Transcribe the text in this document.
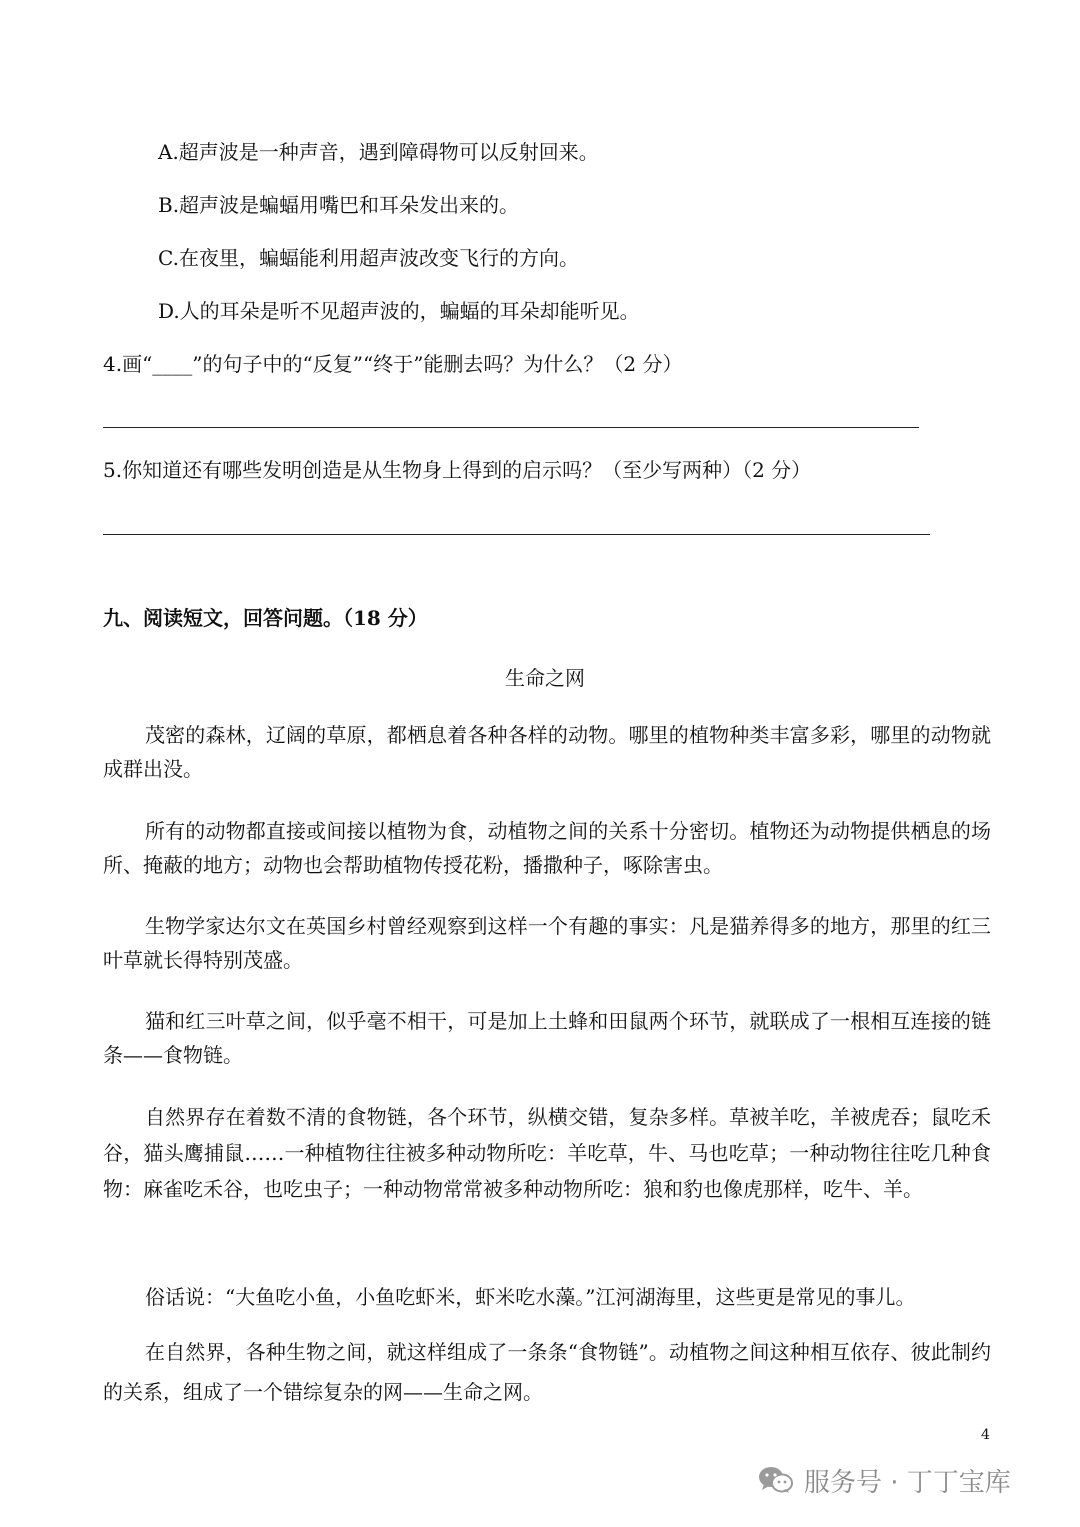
A.超声波是一种声音，遇到障碍物可以反射回来。
B.超声波是蝙蝠用嘴巴和耳朵发出来的。
C.在夜里，蝙蝠能利用超声波改变飞行的方向。
D.人的耳朵是听不见超声波的，蝙蝠的耳朵却能听见。
4.画“____”的句子中的“反复”“终于”能删去吗？为什么？（2 分）
5.你知道还有哪些发明创造是从生物身上得到的启示吗？（至少写两种）（2 分）
九、阅读短文，回答问题。（18 分）
生命之网
茂密的森林，辽阔的草原，都栖息着各种各样的动物。哪里的植物种类丰富多彩，哪里的动物就成群出没。
所有的动物都直接或间接以植物为食，动植物之间的关系十分密切。植物还为动物提供栖息的场所、掩蔽的地方；动物也会帮助植物传授花粉，播撒种子，啄除害虫。
生物学家达尔文在英国乡村曾经观察到这样一个有趣的事实：凡是猫养得多的地方，那里的红三叶草就长得特别茂盛。
猫和红三叶草之间，似乎毫不相干，可是加上土蜂和田鼠两个环节，就联成了一根相互连接的链条——食物链。
自然界存在着数不清的食物链，各个环节，纵横交错，复杂多样。草被羊吃，羊被虎吞；鼠吃禾谷，猫头鹰捕鼠……一种植物往往被多种动物所吃：羊吃草，牛、马也吃草；一种动物往往吃几种食物：麻雀吃禾谷，也吃虫子；一种动物常常被多种动物所吃：狼和豹也像虎那样，吃牛、羊。
俗话说：“大鱼吃小鱼，小鱼吃虾米，虾米吃水藻。”江河湖海里，这些更是常见的事儿。
在自然界，各种生物之间，就这样组成了一条条“食物链”。动植物之间这种相互依存、彼此制约的关系，组成了一个错综复杂的网——生命之网。
4
服务号 · 丁丁宝库
